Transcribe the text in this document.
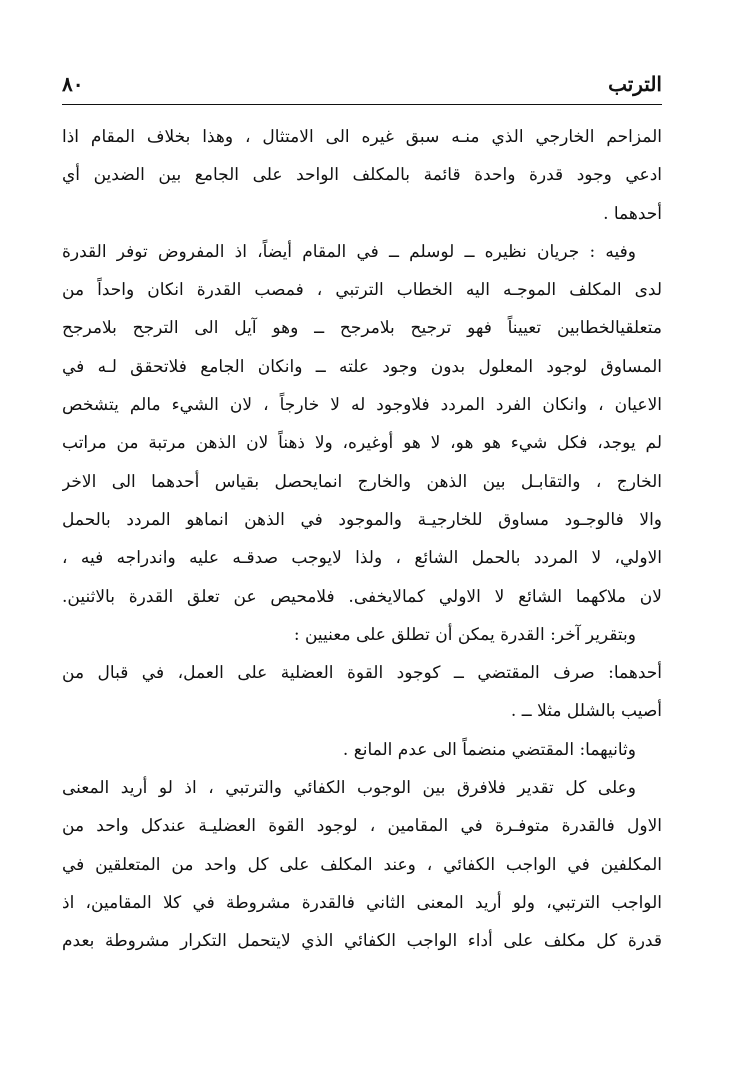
الترتب
٨٠
المزاحم الخارجي الذي منـه سبق غيره الى الامتثال ، وهذا بخلاف المقام اذا
ادعي وجود قدرة واحدة قائمة بالمكلف الواحد على الجامع بين الضدين أي
أحدهما .
وفيه : جريان نظيره ــ لوسلم ــ في المقام أيضاً، اذ المفروض توفر القدرة
لدى المكلف الموجـه اليه الخطاب الترتبي ، فمصب القدرة انكان واحداً من
متعلقيالخطابين تعييناً فهو ترجيح بلامرجح ــ وهو آيل الى الترجح بلامرجح
المساوق لوجود المعلول بدون وجود علته ــ وانكان الجامع فلاتحقق لـه في
الاعيان ، وانكان الفرد المردد فلاوجود له لا خارجاً ، لان الشيء مالم يتشخص
لم يوجد، فكل شيء هو هو، لا هو أوغيره، ولا ذهناً لان الذهن مرتبة من مراتب
الخارج ، والتقابـل بين الذهن والخارج انمايحصل بقياس أحدهما الى الاخر
والا فالوجـود مساوق للخارجيـة والموجود في الذهن انماهو المردد بالحمل
الاولي، لا المردد بالحمل الشائع ، ولذا لايوجب صدقـه عليه واندراجه فيه ،
لان ملاكهما الشائع لا الاولي كمالايخفى. فلامحيص عن تعلق القدرة بالاثنين.
وبتقرير آخر: القدرة يمكن أن تطلق على معنيين :
أحدهما: صرف المقتضي ــ كوجود القوة العضلية على العمل، في قبال من
أصيب بالشلل مثلا ــ .
وثانيهما: المقتضي منضماً الى عدم المانع .
وعلى كل تقدير فلافرق بين الوجوب الكفائي والترتبي ، اذ لو أريد المعنى
الاول فالقدرة متوفـرة في المقامين ، لوجود القوة العضليـة عندكل واحد من
المكلفين في الواجب الكفائي ، وعند المكلف على كل واحد من المتعلقين في
الواجب الترتبي، ولو أريد المعنى الثاني فالقدرة مشروطة في كلا المقامين، اذ
قدرة كل مكلف على أداء الواجب الكفائي الذي لايتحمل التكرار مشروطة بعدم
